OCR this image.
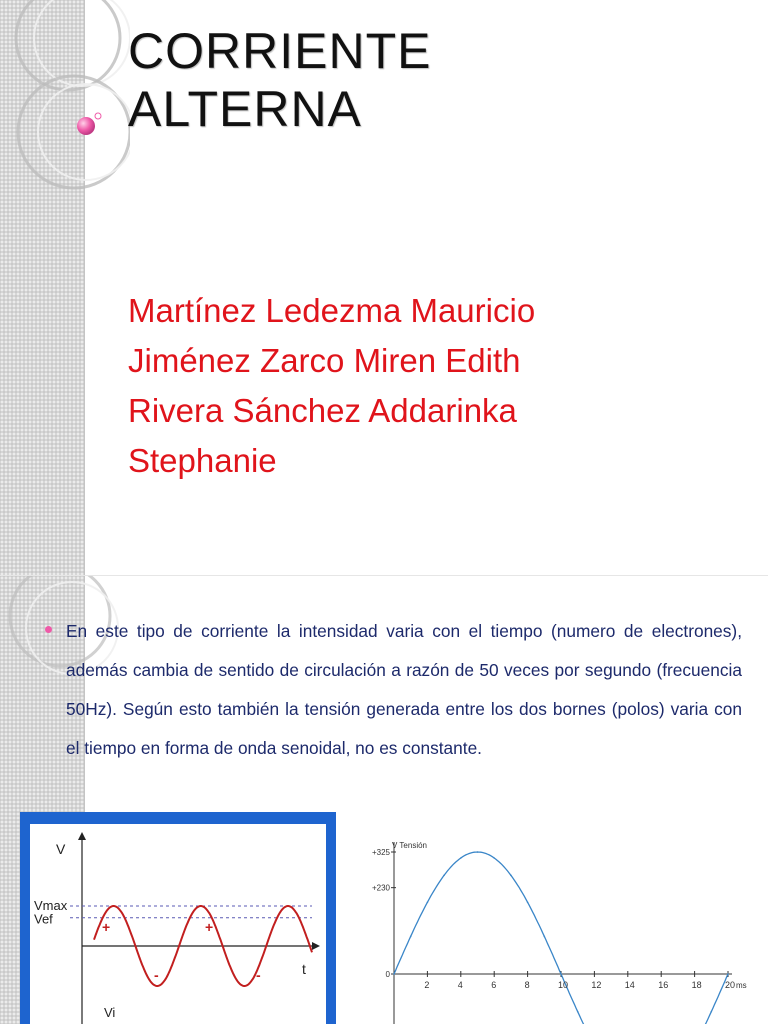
CORRIENTE
ALTERNA
Martínez Ledezma Mauricio
Jiménez Zarco Miren Edith
Rivera Sánchez Addarinka
Stephanie

En este tipo de corriente la intensidad varia con el tiempo (numero de electrones), además cambia de sentido de circulación a razón de 50 veces por segundo (frecuencia 50Hz). Según esto también la tensión generada entre los dos bornes (polos) varia con el tiempo en forma de onda senoidal, no es constante.

V
t
Vmax
Vef
Vi
+	+
-	-
V Tensión
2	4	6	8	10	12	14	16	18	20 ms
+325
+230
0
